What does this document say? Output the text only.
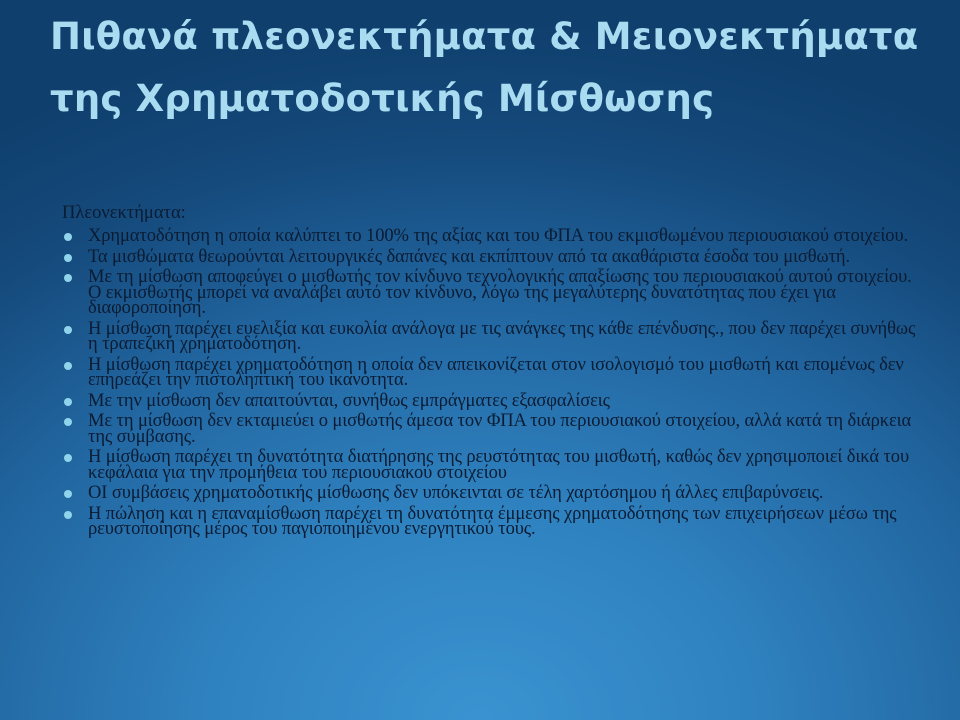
Πιθανά πλεονεκτήματα & Μειονεκτήματα της Χρηματοδοτικής Μίσθωσης
Πλεονεκτήματα:
Χρηματοδότηση η οποία καλύπτει το 100% της αξίας και του ΦΠΑ του εκμισθωμένου περιουσιακού στοιχείου.
Τα μισθώματα θεωρούνται λειτουργικές δαπάνες και εκπίπτουν από τα ακαθάριστα έσοδα του μισθωτή.
Με τη μίσθωση αποφεύγει ο μισθωτής τον κίνδυνο τεχνολογικής απαξίωσης του περιουσιακού αυτού στοιχείου. Ο εκμισθωτής μπορεί να αναλάβει αυτό τον κίνδυνο, λόγω της μεγαλύτερης δυνατότητας που έχει για διαφοροποίηση.
Η μίσθωση παρέχει ευελιξία και ευκολία ανάλογα με τις ανάγκες της κάθε επένδυσης., που δεν παρέχει συνήθως η τραπεζική χρηματοδότηση.
Η μίσθωση παρέχει χρηματοδότηση η οποία δεν απεικονίζεται στον ισολογισμό του μισθωτή και επομένως δεν επηρεάζει την πιστοληπτική του ικανότητα.
Με την μίσθωση δεν απαιτούνται, συνήθως εμπράγματες εξασφαλίσεις
Με τη μίσθωση δεν εκταμιεύει ο μισθωτής άμεσα τον ΦΠΑ του περιουσιακού στοιχείου, αλλά κατά τη διάρκεια της σύμβασης.
Η μίσθωση παρέχει τη δυνατότητα διατήρησης της ρευστότητας του μισθωτή, καθώς δεν χρησιμοποιεί δικά του κεφάλαια για την προμήθεια του περιουσιακού στοιχείου
ΟΙ συμβάσεις χρηματοδοτικής μίσθωσης δεν υπόκεινται σε τέλη χαρτόσημου ή άλλες επιβαρύνσεις.
Η πώληση και η επαναμίσθωση παρέχει τη δυνατότητα έμμεσης χρηματοδότησης των επιχειρήσεων μέσω της ρευστοποίησης μέρος του παγιοποιημένου ενεργητικού τους.
